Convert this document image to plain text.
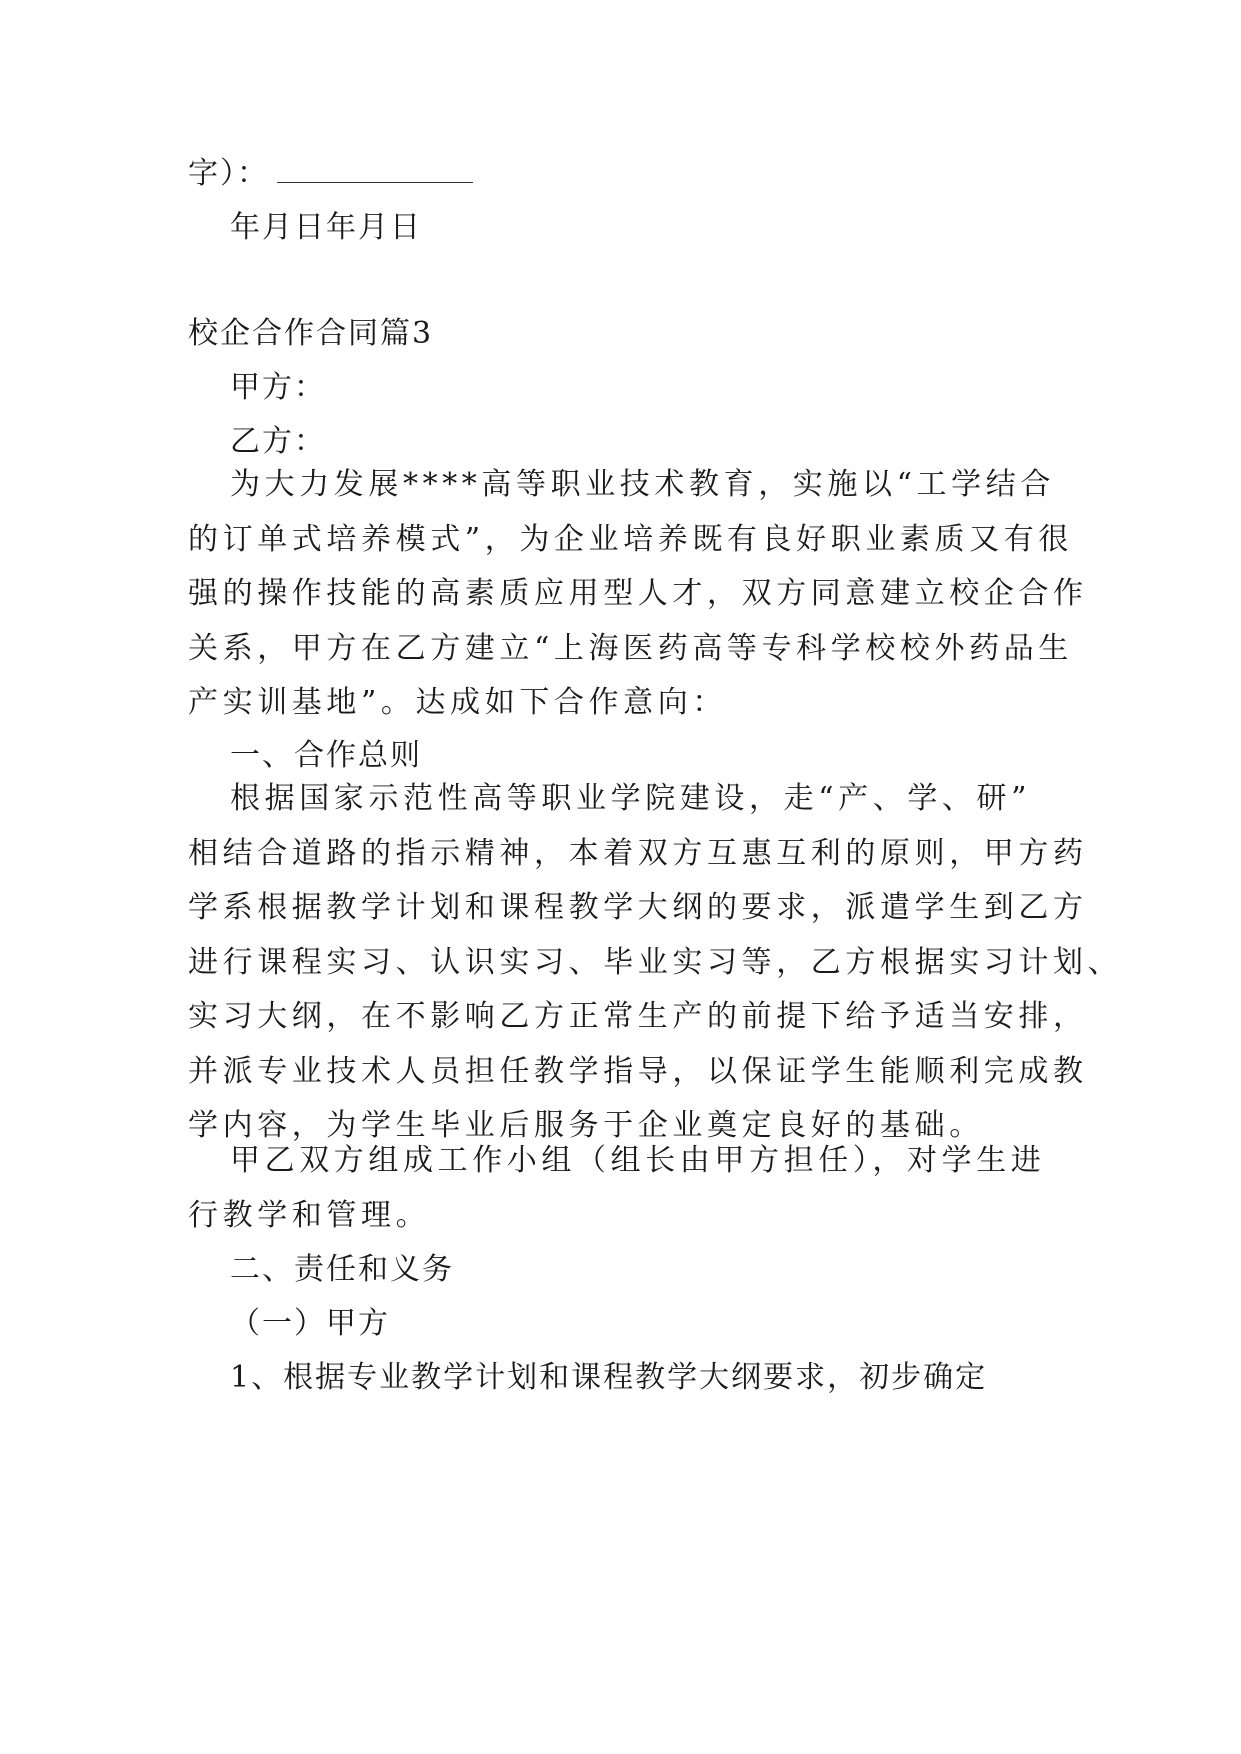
字）：
年月日年月日
校企合作合同篇3
甲方：
乙方：
为大力发展****高等职业技术教育，实施以“工学结合
的订单式培养模式”，为企业培养既有良好职业素质又有很
强的操作技能的高素质应用型人才，双方同意建立校企合作
关系，甲方在乙方建立“上海医药高等专科学校校外药品生
产实训基地”。达成如下合作意向：
一、合作总则
根据国家示范性高等职业学院建设，走“产、学、研”
相结合道路的指示精神，本着双方互惠互利的原则，甲方药
学系根据教学计划和课程教学大纲的要求，派遣学生到乙方
进行课程实习、认识实习、毕业实习等，乙方根据实习计划、
实习大纲，在不影响乙方正常生产的前提下给予适当安排，
并派专业技术人员担任教学指导，以保证学生能顺利完成教
学内容，为学生毕业后服务于企业奠定良好的基础。
甲乙双方组成工作小组（组长由甲方担任），对学生进
行教学和管理。
二、责任和义务
（一）甲方
1、根据专业教学计划和课程教学大纲要求，初步确定
